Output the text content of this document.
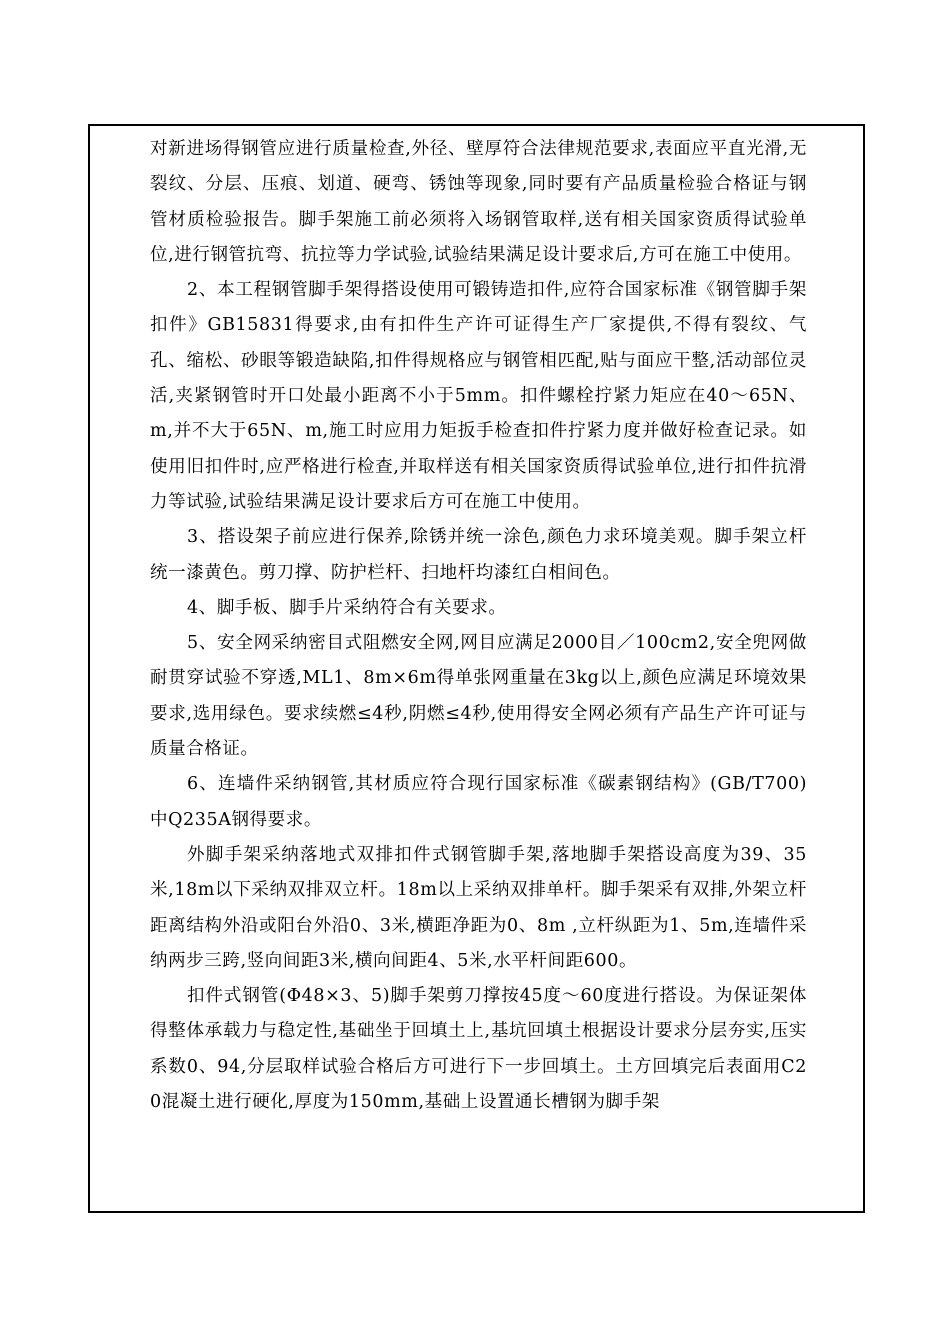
对新进场得钢管应进行质量检查,外径、壁厚符合法律规范要求,表面应平直光滑,无裂纹、分层、压痕、划道、硬弯、锈蚀等现象,同时要有产品质量检验合格证与钢管材质检验报告。脚手架施工前必须将入场钢管取样,送有相关国家资质得试验单位,进行钢管抗弯、抗拉等力学试验,试验结果满足设计要求后,方可在施工中使用。

2、本工程钢管脚手架得搭设使用可锻铸造扣件,应符合国家标准《钢管脚手架扣件》GB15831得要求,由有扣件生产许可证得生产厂家提供,不得有裂纹、气孔、缩松、砂眼等锻造缺陷,扣件得规格应与钢管相匹配,贴与面应干整,活动部位灵活,夹紧钢管时开口处最小距离不小于5mm。扣件螺栓拧紧力矩应在40～65N、m,并不大于65N、m,施工时应用力矩扳手检查扣件拧紧力度并做好检查记录。如使用旧扣件时,应严格进行检查,并取样送有相关国家资质得试验单位,进行扣件抗滑力等试验,试验结果满足设计要求后方可在施工中使用。

3、搭设架子前应进行保养,除锈并统一涂色,颜色力求环境美观。脚手架立杆统一漆黄色。剪刀撑、防护栏杆、扫地杆均漆红白相间色。

4、脚手板、脚手片采纳符合有关要求。

5、安全网采纳密目式阻燃安全网,网目应满足2000目／100cm2,安全兜网做耐贯穿试验不穿透,ML1、8m×6m得单张网重量在3kg以上,颜色应满足环境效果要求,选用绿色。要求续燃≤4秒,阴燃≤4秒,使用得安全网必须有产品生产许可证与质量合格证。

6、连墙件采纳钢管,其材质应符合现行国家标准《碳素钢结构》(GB/T700)中Q235A钢得要求。

外脚手架采纳落地式双排扣件式钢管脚手架,落地脚手架搭设高度为39、35米,18m以下采纳双排双立杆。18m以上采纳双排单杆。脚手架采有双排,外架立杆距离结构外沿或阳台外沿0、3米,横距净距为0、8m ,立杆纵距为1、5m,连墙件采纳两步三跨,竖向间距3米,横向间距4、5米,水平杆间距600。

扣件式钢管(Φ48×3、5)脚手架剪刀撑按45度～60度进行搭设。为保证架体得整体承载力与稳定性,基础坐于回填土上,基坑回填土根据设计要求分层夯实,压实系数0、94,分层取样试验合格后方可进行下一步回填土。土方回填完后表面用C20混凝土进行硬化,厚度为150mm,基础上设置通长槽钢为脚手架
